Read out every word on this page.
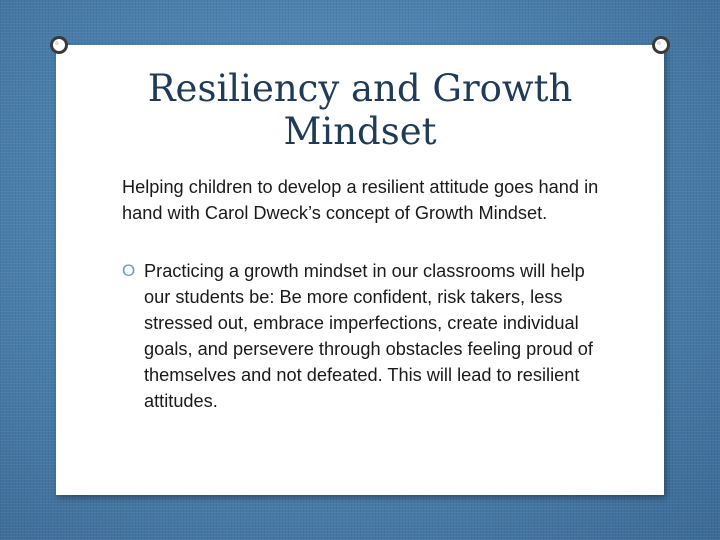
Resiliency and Growth
Mindset

Helping children to develop a resilient attitude goes hand in hand with Carol Dweck’s concept of Growth Mindset.

O Practicing a growth mindset in our classrooms will help our students be: Be more confident, risk takers, less stressed out, embrace imperfections, create individual goals, and persevere through obstacles feeling proud of themselves and not defeated. This will lead to resilient attitudes.
